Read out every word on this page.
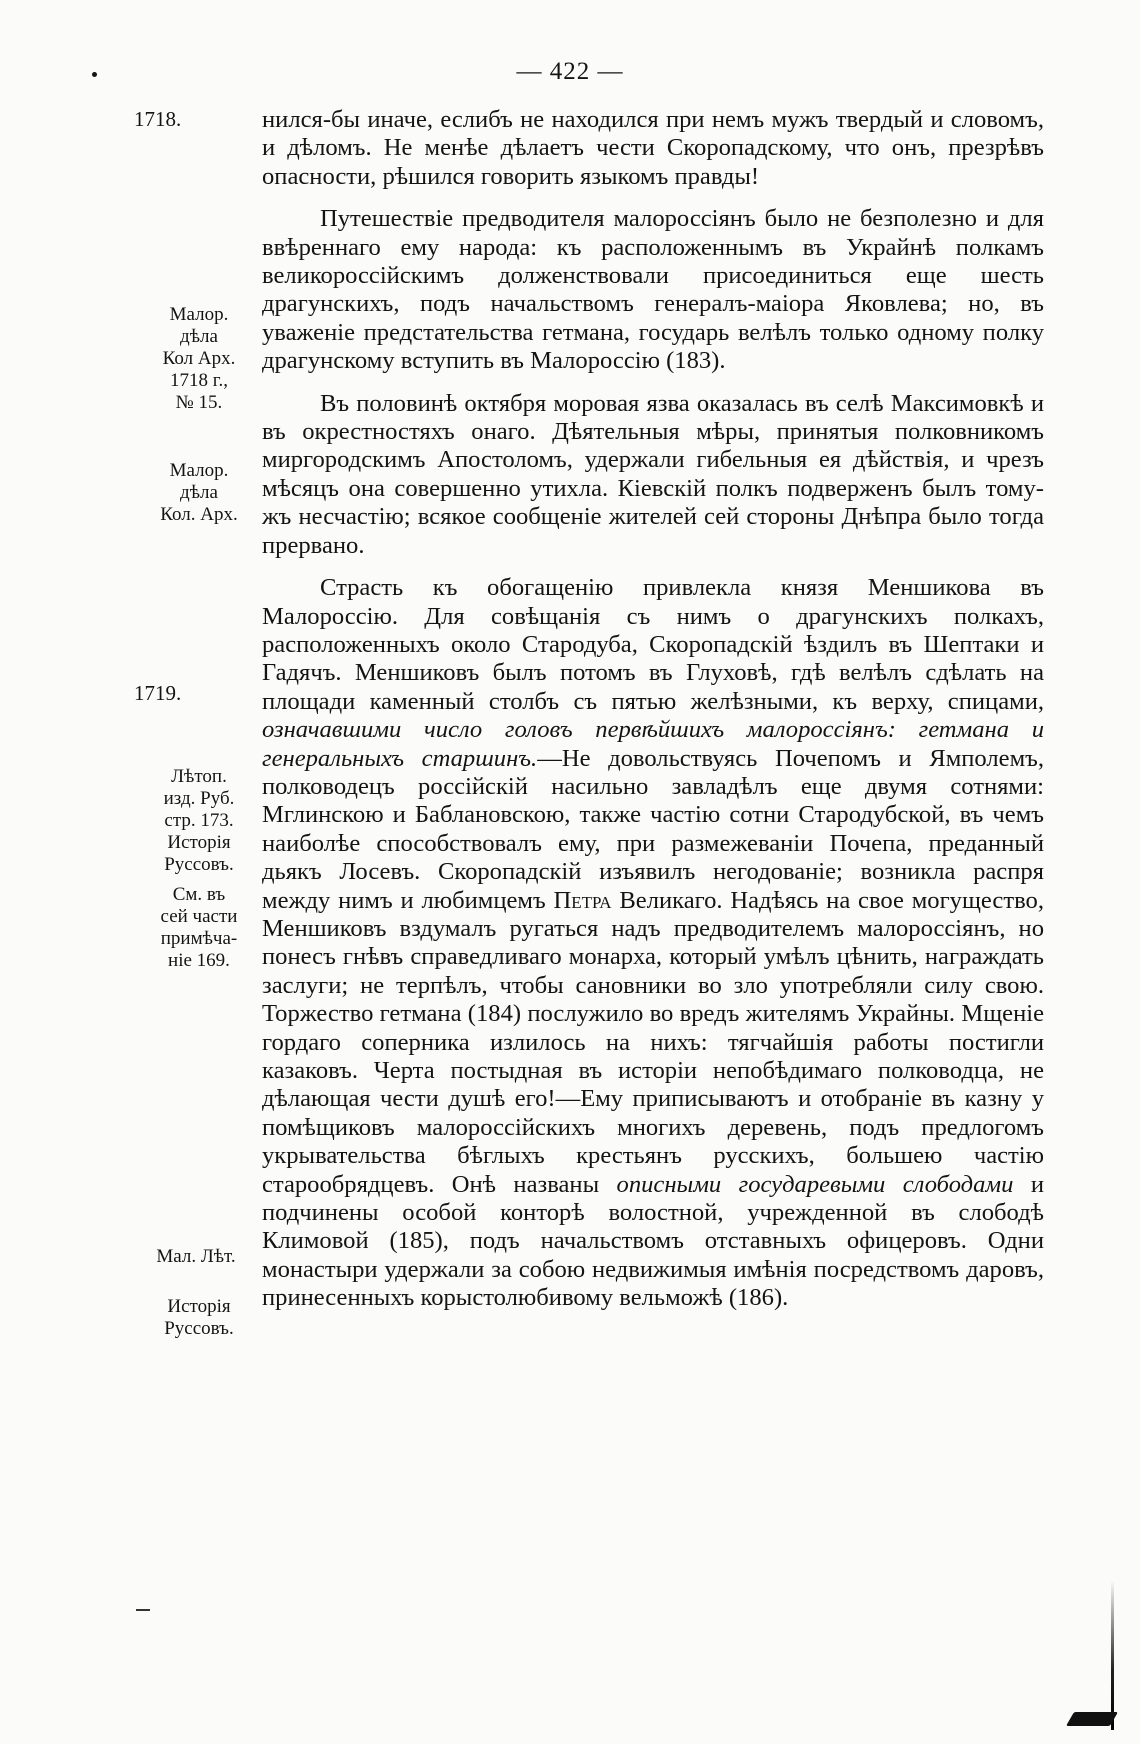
— 422 —
1718.
Малор.
дѣла
Кол Арх.
1718 г.,
№ 15.
Малор.
дѣла
Кол. Арх.
1719.
Лѣтоп.
изд. Руб.
стр. 173.
Исторія
Руссовъ.
См. въ
сей части
примѣча-
ніе 169.
Мал. Лѣт.
Исторія
Руссовъ.

нился-бы иначе, еслибъ не находился при немъ мужъ твердый и словомъ, и дѣломъ. Не менѣе дѣлаетъ чести Скоропадскому, что онъ, презрѣвъ опасности, рѣшился говорить языкомъ правды!

Путешествіе предводителя малороссіянъ было не безполезно и для ввѣреннаго ему народа: къ расположеннымъ въ Украйнѣ полкамъ великороссійскимъ долженствовали присоединиться еще шесть драгунскихъ, подъ начальствомъ генералъ-маіора Яковлева; но, въ уваженіе предстательства гетмана, государь велѣлъ только одному полку драгунскому вступить въ Малороссію (183).

Въ половинѣ октября моровая язва оказалась въ селѣ Максимовкѣ и въ окрестностяхъ онаго. Дѣятельныя мѣры, принятыя полковникомъ миргородскимъ Апостоломъ, удержали гибельныя ея дѣйствія, и чрезъ мѣсяцъ она совершенно утихла. Кіевскій полкъ подверженъ былъ тому-жъ несчастію; всякое сообщеніе жителей сей стороны Днѣпра было тогда прервано.

Страсть къ обогащенію привлекла князя Меншикова въ Малороссію. Для совѣщанія съ нимъ о драгунскихъ полкахъ, расположенныхъ около Стародуба, Скоропадскій ѣздилъ въ Шептаки и Гадячъ. Меншиковъ былъ потомъ въ Глуховѣ, гдѣ велѣлъ сдѣлать на площади каменный столбъ съ пятью желѣзными, къ верху, спицами, означавшими число головъ первѣйшихъ малороссіянъ: гетмана и генеральныхъ старшинъ.—Не довольствуясь Почепомъ и Ямполемъ, полководецъ россійскій насильно завладѣлъ еще двумя сотнями: Мглинскою и Баблановскою, также частію сотни Стародубской, въ чемъ наиболѣе способствовалъ ему, при размежеваніи Почепа, преданный дьякъ Лосевъ. Скоропадскій изъявилъ негодованіе; возникла распря между нимъ и любимцемъ Петра Великаго. Надѣясь на свое могущество, Меншиковъ вздумалъ ругаться надъ предводителемъ малороссіянъ, но понесъ гнѣвъ справедливаго монарха, который умѣлъ цѣнить, награждать заслуги; не терпѣлъ, чтобы сановники во зло употребляли силу свою. Торжество гетмана (184) послужило во вредъ жителямъ Украйны. Мщеніе гордаго соперника излилось на нихъ: тягчайшія работы постигли казаковъ. Черта постыдная въ исторіи непобѣдимаго полководца, не дѣлающая чести душѣ его!—Ему приписываютъ и отобраніе въ казну у помѣщиковъ малороссійскихъ многихъ деревень, подъ предлогомъ укрывательства бѣглыхъ крестьянъ русскихъ, большею частію старообрядцевъ. Онѣ названы описными государевыми слободами и подчинены особой конторѣ волостной, учрежденной въ слободѣ Климовой (185), подъ начальствомъ отставныхъ офицеровъ. Одни монастыри удержали за собою недвижимыя имѣнія посредствомъ даровъ, принесенныхъ корыстолюбивому вельможѣ (186).
